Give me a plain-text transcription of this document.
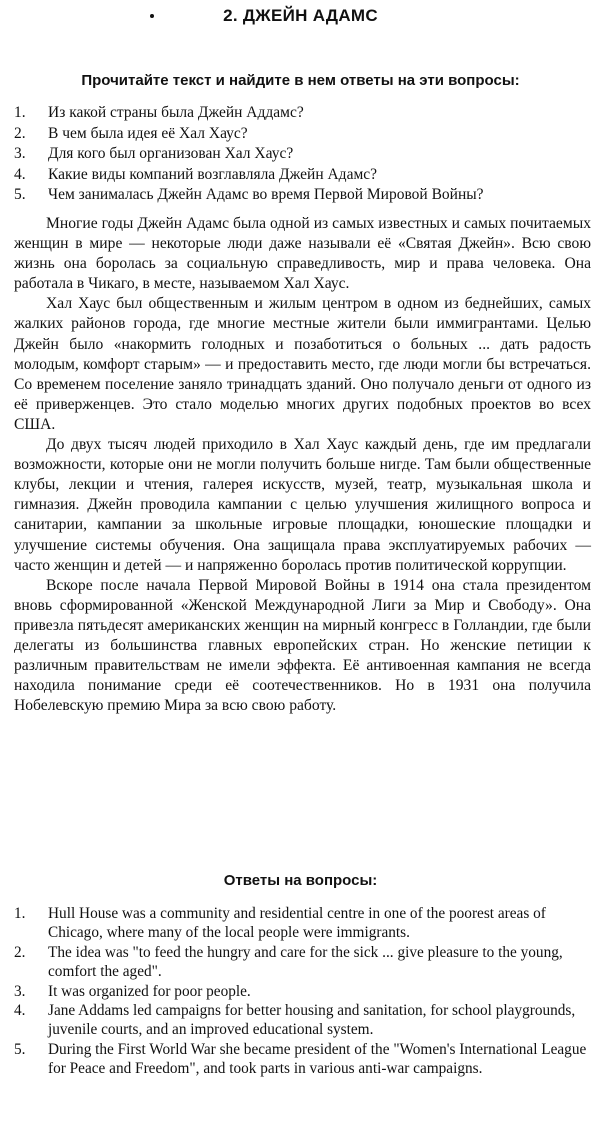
2. ДЖЕЙН АДАМС
Прочитайте текст и найдите в нем ответы на эти вопросы:
1.	Из какой страны была Джейн Аддамс?
2.	В чем была идея её Хал Хаус?
3.	Для кого был организован Хал Хаус?
4.	Какие виды компаний возглавляла Джейн Адамс?
5.	Чем занималась Джейн Адамс во время Первой Мировой Войны?

Многие годы Джейн Адамс была одной из самых известных и самых почитаемых женщин в мире — некоторые люди даже называли её «Святая Джейн». Всю свою жизнь она боролась за социальную справедливость, мир и права человека. Она работала в Чикаго, в месте, называемом Хал Хаус.

Хал Хаус был общественным и жилым центром в одном из беднейших, самых жалких районов города, где многие местные жители были иммигрантами. Целью Джейн было «накормить голодных и позаботиться о больных ... дать радость молодым, комфорт старым» — и предоставить место, где люди могли бы встречаться. Со временем поселение заняло тринадцать зданий. Оно получало деньги от одного из её приверженцев. Это стало моделью многих других подобных проектов во всех США.

До двух тысяч людей приходило в Хал Хаус каждый день, где им предлагали возможности, которые они не могли получить больше нигде. Там были общественные клубы, лекции и чтения, галерея искусств, музей, театр, музыкальная школа и гимназия. Джейн проводила кампании с целью улучшения жилищного вопроса и санитарии, кампании за школьные игровые площадки, юношеские площадки и улучшение системы обучения. Она защищала права эксплуатируемых рабочих — часто женщин и детей — и напряженно боролась против политической коррупции.

Вскоре после начала Первой Мировой Войны в 1914 она стала президентом вновь сформированной «Женской Международной Лиги за Мир и Свободу». Она привезла пятьдесят американских женщин на мирный конгресс в Голландии, где были делегаты из большинства главных европейских стран. Но женские петиции к различным правительствам не имели эффекта. Её антивоенная кампания не всегда находила понимание среди её соотечественников. Но в 1931 она получила Нобелевскую премию Мира за всю свою работу.

Ответы на вопросы:
1.	Hull House was a community and residential centre in one of the poorest areas of Chicago, where many of the local people were immigrants.
2.	The idea was "to feed the hungry and care for the sick ... give pleasure to the young, comfort the aged".
3.	It was organized for poor people.
4.	Jane Addams led campaigns for better housing and sanitation, for school playgrounds, juvenile courts, and an improved educational system.
5.	During the First World War she became president of the "Women's International League for Peace and Freedom", and took parts in various anti-war campaigns.
